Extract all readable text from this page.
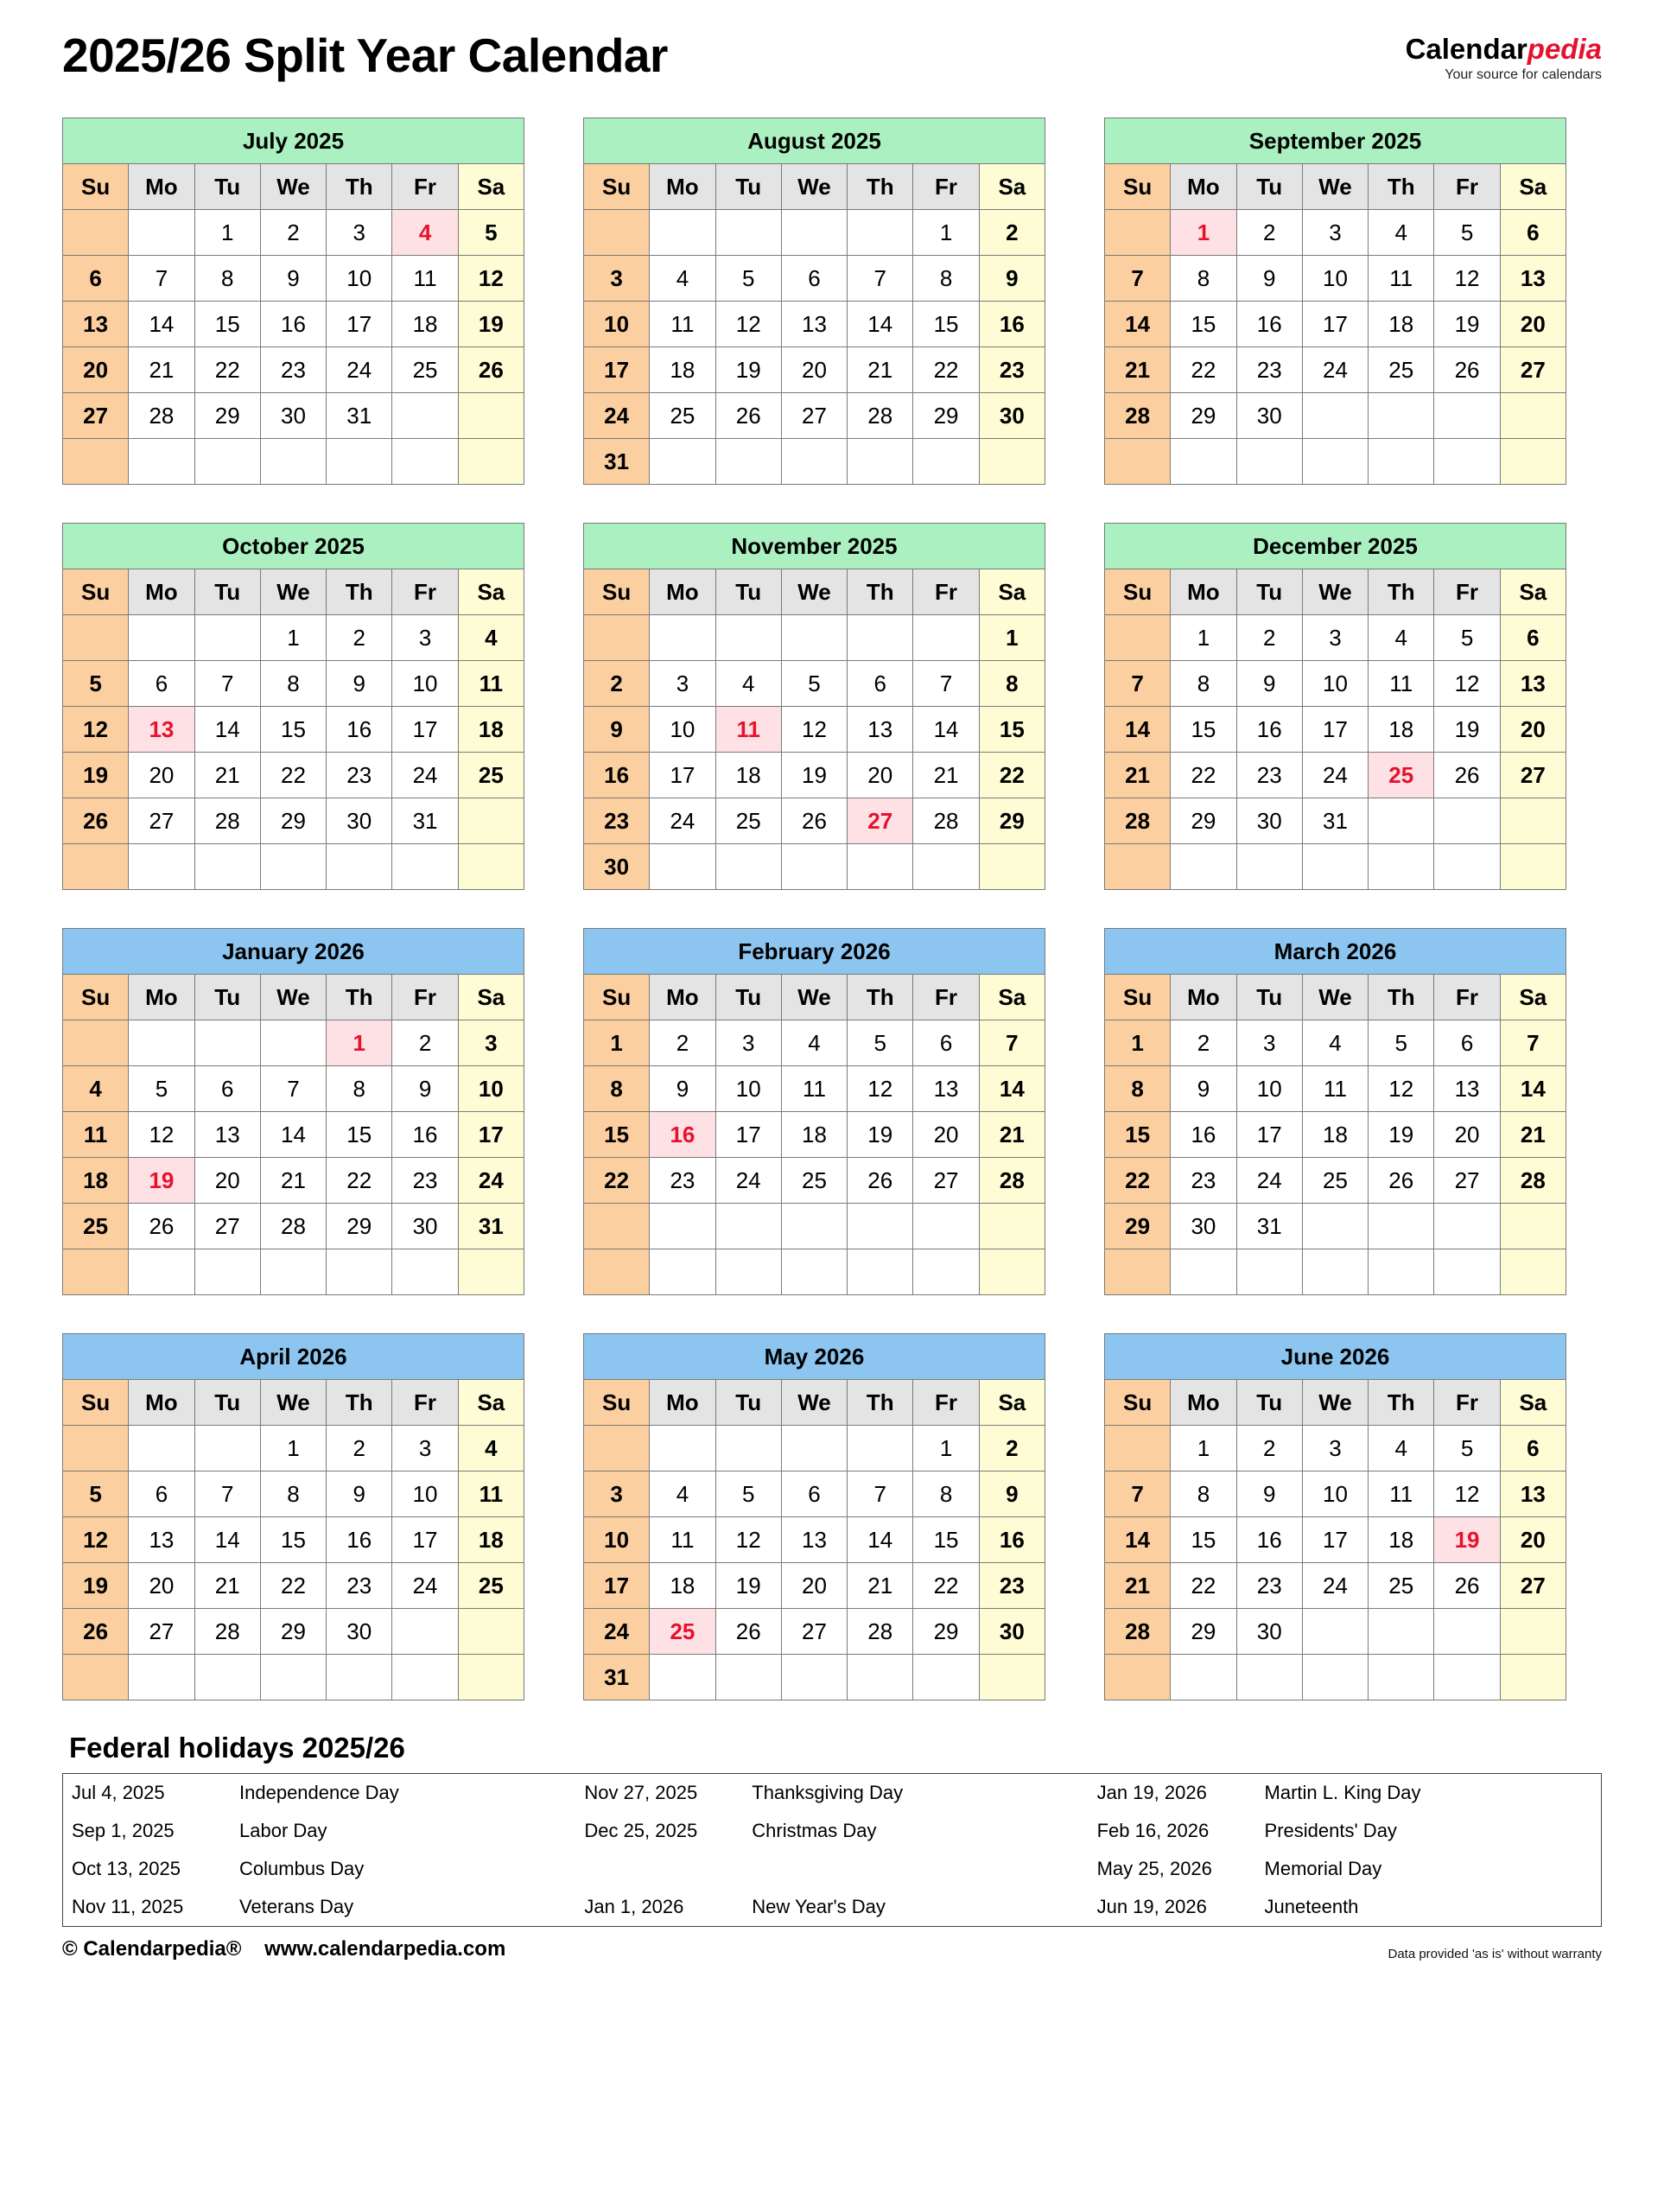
2025/26 Split Year Calendar	Calendarpedia
Your source for calendars
July 2025						
Su	Mo	Tu	We	Th	Fr	Sa
		1	2	3	4	5
6	7	8	9	10	11	12
13	14	15	16	17	18	19
20	21	22	23	24	25	26
27	28	29	30	31		

August 2025						
Su	Mo	Tu	We	Th	Fr	Sa
					1	2
3	4	5	6	7	8	9
10	11	12	13	14	15	16
17	18	19	20	21	22	23
24	25	26	27	28	29	30
31						
September 2025						
Su	Mo	Tu	We	Th	Fr	Sa
	1	2	3	4	5	6
7	8	9	10	11	12	13
14	15	16	17	18	19	20
21	22	23	24	25	26	27
28	29	30				

October 2025						
Su	Mo	Tu	We	Th	Fr	Sa
			1	2	3	4
5	6	7	8	9	10	11
12	13	14	15	16	17	18
19	20	21	22	23	24	25
26	27	28	29	30	31	

November 2025						
Su	Mo	Tu	We	Th	Fr	Sa
						1
2	3	4	5	6	7	8
9	10	11	12	13	14	15
16	17	18	19	20	21	22
23	24	25	26	27	28	29
30						
December 2025						
Su	Mo	Tu	We	Th	Fr	Sa
	1	2	3	4	5	6
7	8	9	10	11	12	13
14	15	16	17	18	19	20
21	22	23	24	25	26	27
28	29	30	31			

January 2026						
Su	Mo	Tu	We	Th	Fr	Sa
				1	2	3
4	5	6	7	8	9	10
11	12	13	14	15	16	17
18	19	20	21	22	23	24
25	26	27	28	29	30	31

February 2026						
Su	Mo	Tu	We	Th	Fr	Sa
1	2	3	4	5	6	7
8	9	10	11	12	13	14
15	16	17	18	19	20	21
22	23	24	25	26	27	28

March 2026						
Su	Mo	Tu	We	Th	Fr	Sa
1	2	3	4	5	6	7
8	9	10	11	12	13	14
15	16	17	18	19	20	21
22	23	24	25	26	27	28
29	30	31				

April 2026						
Su	Mo	Tu	We	Th	Fr	Sa
			1	2	3	4
5	6	7	8	9	10	11
12	13	14	15	16	17	18
19	20	21	22	23	24	25
26	27	28	29	30		

May 2026						
Su	Mo	Tu	We	Th	Fr	Sa
					1	2
3	4	5	6	7	8	9
10	11	12	13	14	15	16
17	18	19	20	21	22	23
24	25	26	27	28	29	30
31						
June 2026						
Su	Mo	Tu	We	Th	Fr	Sa
	1	2	3	4	5	6
7	8	9	10	11	12	13
14	15	16	17	18	19	20
21	22	23	24	25	26	27
28	29	30				

Federal holidays 2025/26
Jul 4, 2025	Independence Day	Nov 27, 2025	Thanksgiving Day	Jan 19, 2026	Martin L. King Day
Sep 1, 2025	Labor Day	Dec 25, 2025	Christmas Day	Feb 16, 2026	Presidents' Day
Oct 13, 2025	Columbus Day			May 25, 2026	Memorial Day
Nov 11, 2025	Veterans Day	Jan 1, 2026	New Year's Day	Jun 19, 2026	Juneteenth
© Calendarpedia® www.calendarpedia.com	Data provided 'as is' without warranty
